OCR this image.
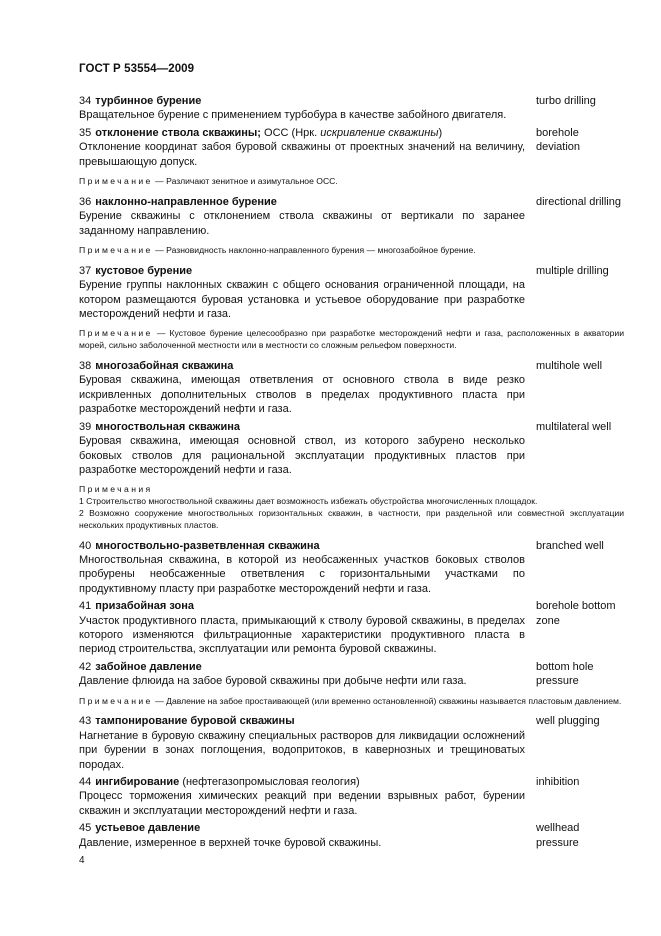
ГОСТ Р 53554—2009
34 турбинное бурение
Вращательное бурение с применением турбобура в качестве забойного двигателя.
turbo drilling
35 отклонение ствола скважины; ОСС (Нрк. искривление скважины)
Отклонение координат забоя буровой скважины от проектных значений на величину, превышающую допуск.
borehole deviation
Примечание — Различают зенитное и азимутальное ОСС.
36 наклонно-направленное бурение
Бурение скважины с отклонением ствола скважины от вертикали по заранее заданному направлению.
directional drilling
Примечание — Разновидность наклонно-направленного бурения — многозабойное бурение.
37 кустовое бурение
Бурение группы наклонных скважин с общего основания ограниченной площади, на котором размещаются буровая установка и устьевое оборудование при разработке месторождений нефти и газа.
multiple drilling
Примечание — Кустовое бурение целесообразно при разработке месторождений нефти и газа, расположенных в акватории морей, сильно заболоченной местности или в местности со сложным рельефом поверхности.
38 многозабойная скважина
Буровая скважина, имеющая ответвления от основного ствола в виде резко искривленных дополнительных стволов в пределах продуктивного пласта при разработке месторождений нефти и газа.
multihole well
39 многоствольная скважина
Буровая скважина, имеющая основной ствол, из которого забурено несколько боковых стволов для рациональной эксплуатации продуктивных пластов при разработке месторождений нефти и газа.
multilateral well
Примечания
1 Строительство многоствольной скважины дает возможность избежать обустройства многочисленных площадок.
2 Возможно сооружение многоствольных горизонтальных скважин, в частности, при раздельной или совместной эксплуатации нескольких продуктивных пластов.
40 многоствольно-разветвленная скважина
Многоствольная скважина, в которой из необсаженных участков боковых стволов пробурены необсаженные ответвления с горизонтальными участками по продуктивному пласту при разработке месторождений нефти и газа.
branched well
41 призабойная зона
Участок продуктивного пласта, примыкающий к стволу буровой скважины, в пределах которого изменяются фильтрационные характеристики продуктивного пласта в период строительства, эксплуатации или ремонта буровой скважины.
borehole bottom zone
42 забойное давление
Давление флюида на забое буровой скважины при добыче нефти или газа.
bottom hole pressure
Примечание — Давление на забое простаивающей (или временно остановленной) скважины называется пластовым давлением.
43 тампонирование буровой скважины
Нагнетание в буровую скважину специальных растворов для ликвидации осложнений при бурении в зонах поглощения, водопритоков, в кавернозных и трещиноватых породах.
well plugging
44 ингибирование (нефтегазопромысловая геология)
Процесс торможения химических реакций при ведении взрывных работ, бурении скважин и эксплуатации месторождений нефти и газа.
inhibition
45 устьевое давление
Давление, измеренное в верхней точке буровой скважины.
wellhead pressure
4
